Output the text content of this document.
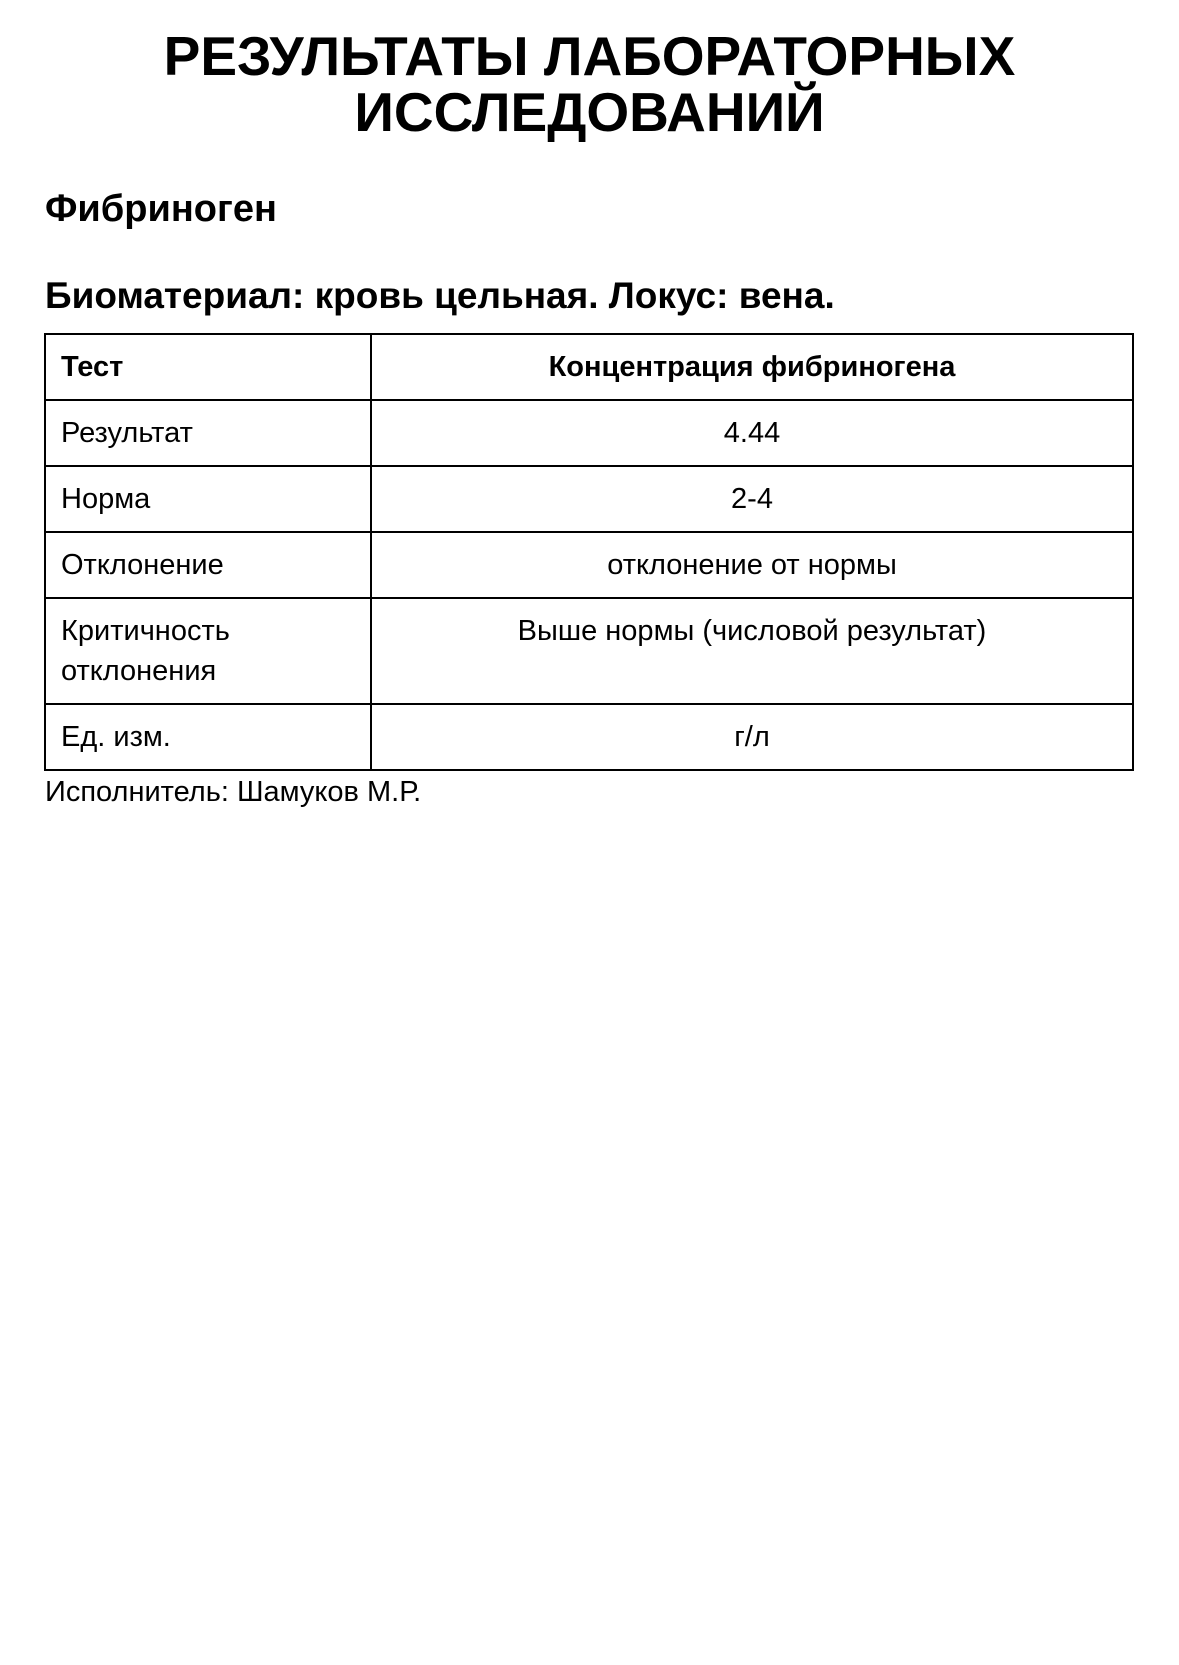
РЕЗУЛЬТАТЫ ЛАБОРАТОРНЫХ
ИССЛЕДОВАНИЙ
Фибриноген
Биоматериал: кровь цельная. Локус: вена.
Тест	Концентрация фибриногена
Результат	4.44
Норма	2-4
Отклонение	отклонение от нормы

Критичность отклонения	Выше нормы (числовой результат)
Ед. изм.	г/л

Исполнитель: Шамуков М.Р.
